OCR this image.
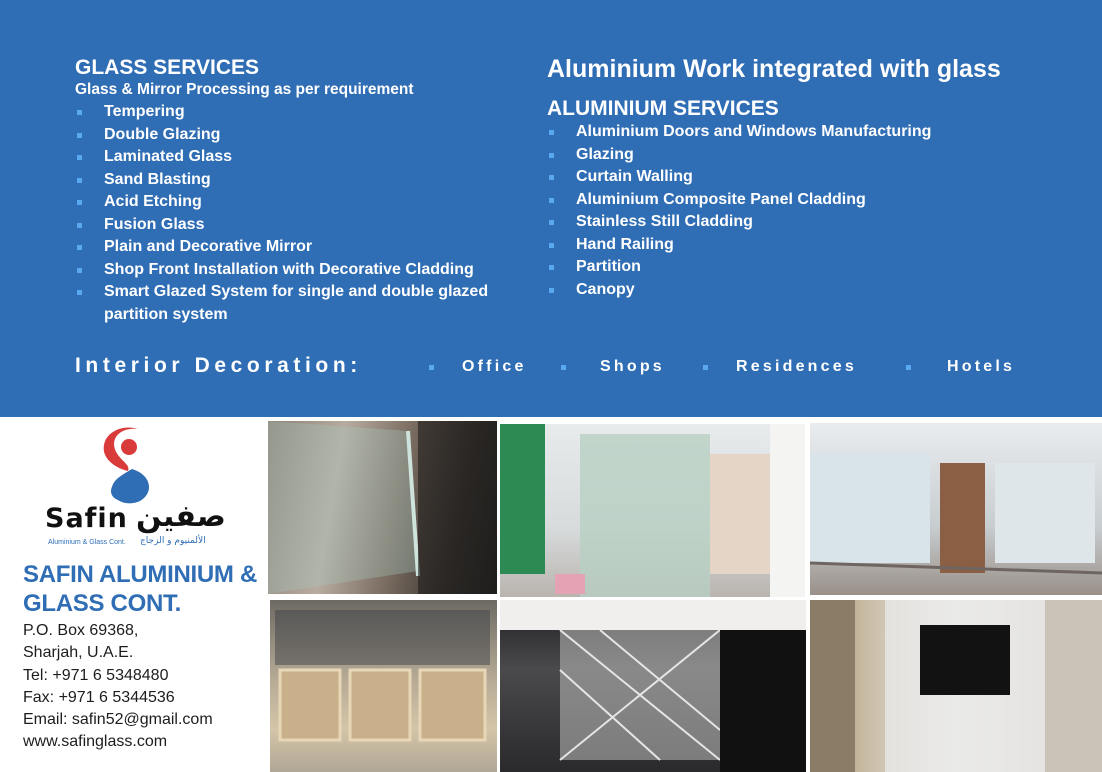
GLASS SERVICES
Glass & Mirror Processing as per requirement
Tempering
Double Glazing
Laminated Glass
Sand Blasting
Acid Etching
Fusion Glass
Plain and Decorative Mirror
Shop Front Installation with Decorative Cladding
Smart Glazed System for single and double glazed
partition system
Aluminium Work integrated with glass
ALUMINIUM SERVICES
Aluminium Doors and Windows Manufacturing
Glazing
Curtain Walling
Aluminium Composite Panel Cladding
Stainless Still Cladding
Hand Railing
Partition
Canopy
Interior Decoration:	Office	Shops	Residences	Hotels
Safin صفين
Aluminium & Glass Cont. الألمنيوم و الزجاج
SAFIN ALUMINIUM &
GLASS CONT.
P.O. Box 69368,
Sharjah, U.A.E.
Tel: +971 6 5348480
Fax: +971 6 5344536
Email: safin52@gmail.com
www.safinglass.com
